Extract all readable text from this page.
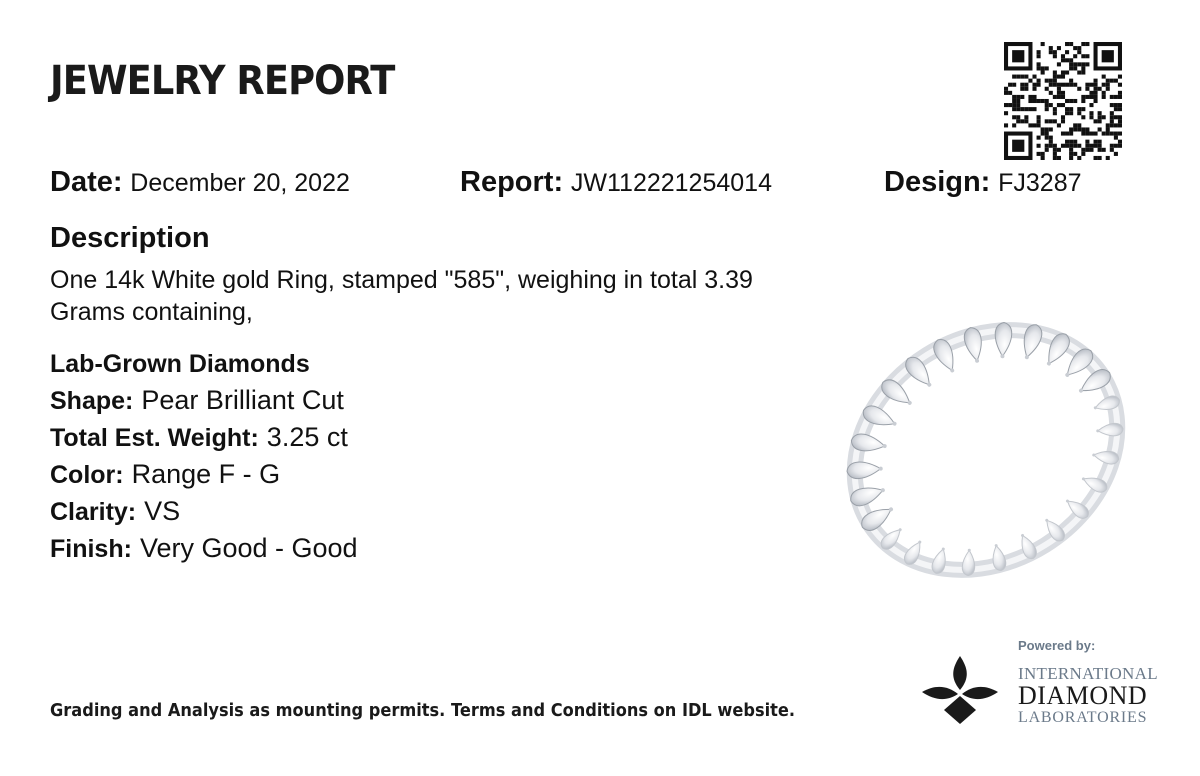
JEWELRY REPORT
Date: December 20, 2022	Report: JW112221254014	Design: FJ3287
Description
One 14k White gold Ring, stamped "585", weighing in total 3.39 Grams containing,
Lab-Grown Diamonds
Shape: Pear Brilliant Cut
Total Est. Weight: 3.25 ct
Color: Range F - G
Clarity: VS
Finish: Very Good - Good
Grading and Analysis as mounting permits. Terms and Conditions on IDL website.
Powered by:
INTERNATIONAL
DIAMOND
LABORATORIES
